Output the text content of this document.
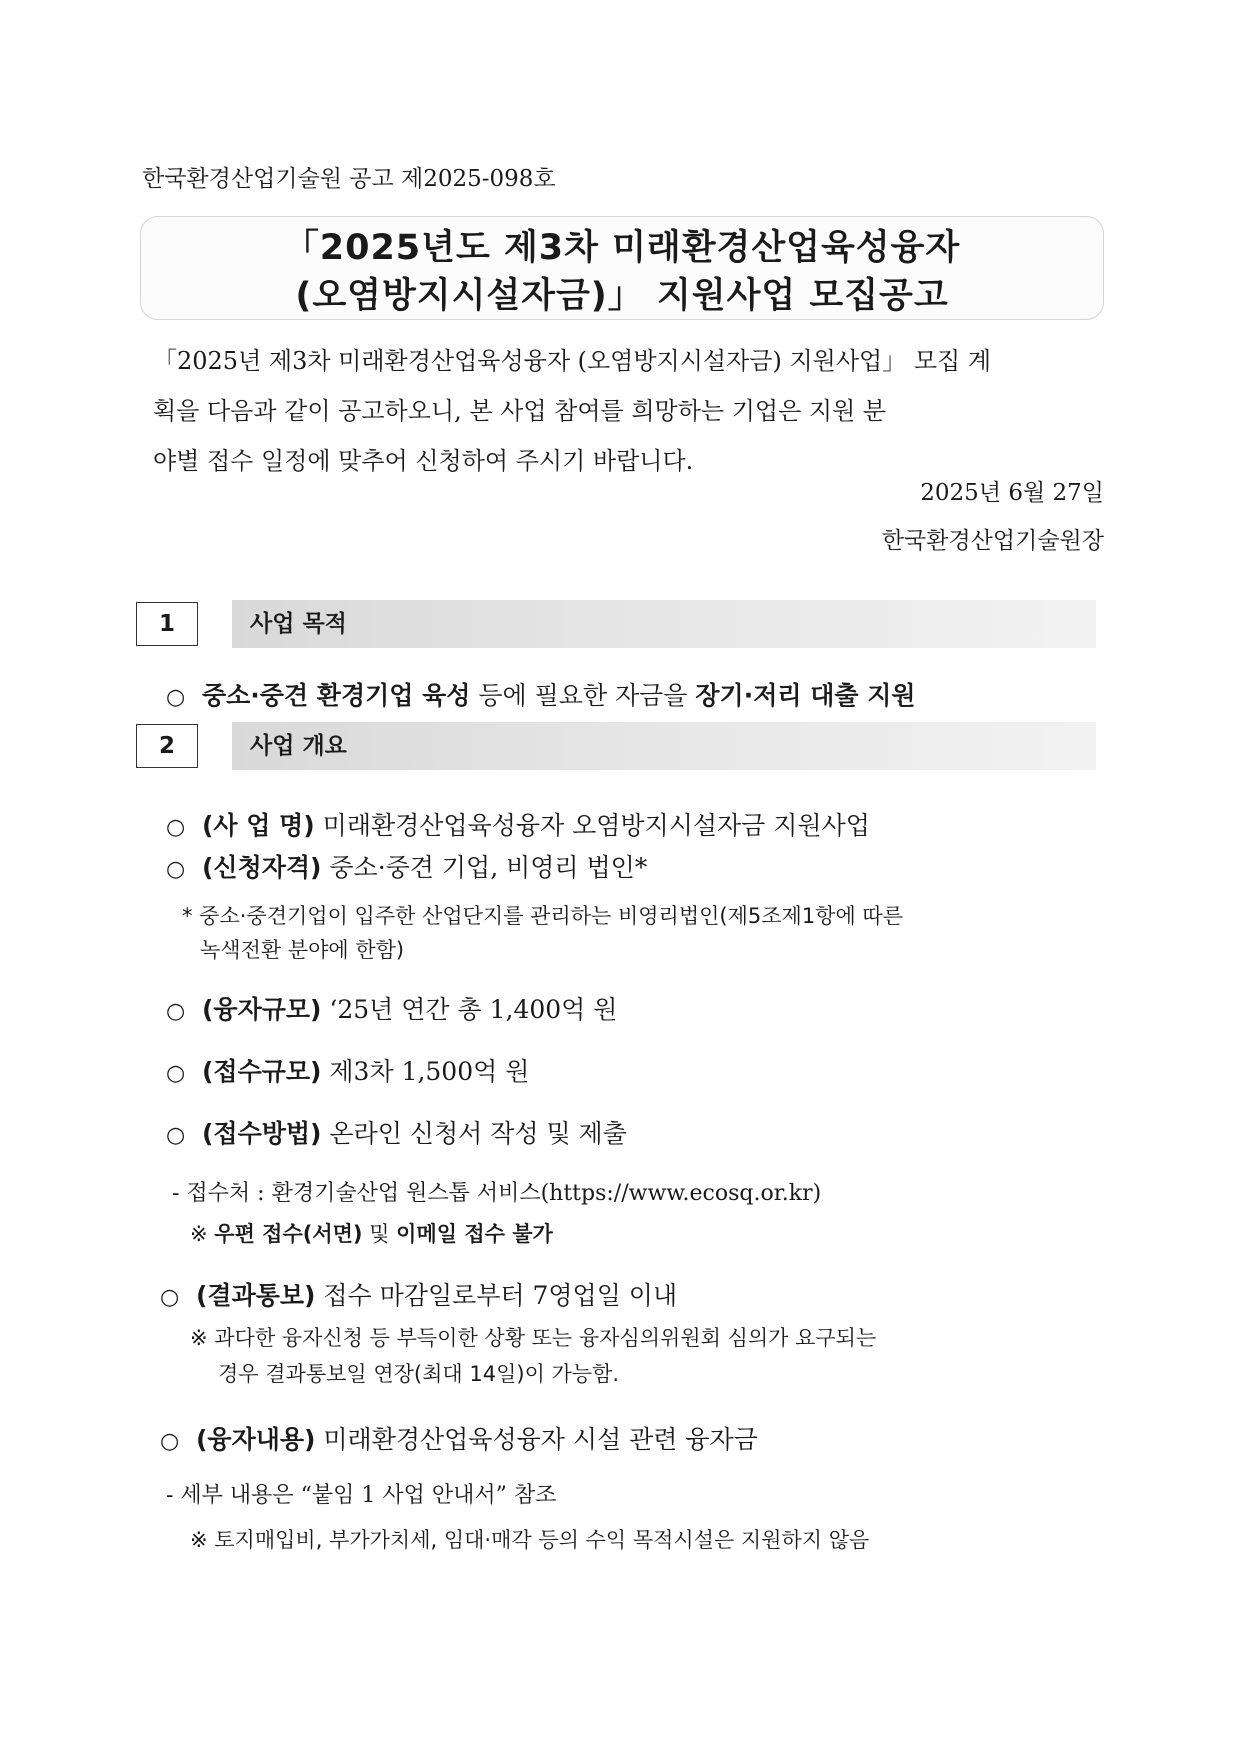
한국환경산업기술원 공고 제2025-098호
「2025년도 제3차 미래환경산업육성융자
(오염방지시설자금)」 지원사업 모집공고
「2025년 제3차 미래환경산업육성융자 (오염방지시설자금) 지원사업」 모집 계
획을 다음과 같이 공고하오니, 본 사업 참여를 희망하는 기업은 지원 분
야별 접수 일정에 맞추어 신청하여 주시기 바랍니다.
2025년 6월 27일
한국환경산업기술원장
1	사업 목적
○ 중소·중견 환경기업 육성 등에 필요한 자금을 장기·저리 대출 지원
2	사업 개요
○ (사 업 명) 미래환경산업육성융자 오염방지시설자금 지원사업
○ (신청자격) 중소·중견 기업, 비영리 법인*
* 중소·중견기업이 입주한 산업단지를 관리하는 비영리법인(제5조제1항에 따른
녹색전환 분야에 한함)
○ (융자규모) ‘25년 연간 총 1,400억 원
○ (접수규모) 제3차 1,500억 원
○ (접수방법) 온라인 신청서 작성 및 제출
- 접수처 : 환경기술산업 원스톱 서비스(https://www.ecosq.or.kr)
※ 우편 접수(서면) 및 이메일 접수 불가
○ (결과통보) 접수 마감일로부터 7영업일 이내
※ 과다한 융자신청 등 부득이한 상황 또는 융자심의위원회 심의가 요구되는
경우 결과통보일 연장(최대 14일)이 가능함.
○ (융자내용) 미래환경산업육성융자 시설 관련 융자금
- 세부 내용은 “붙임 1 사업 안내서” 참조
※ 토지매입비, 부가가치세, 임대·매각 등의 수익 목적시설은 지원하지 않음
